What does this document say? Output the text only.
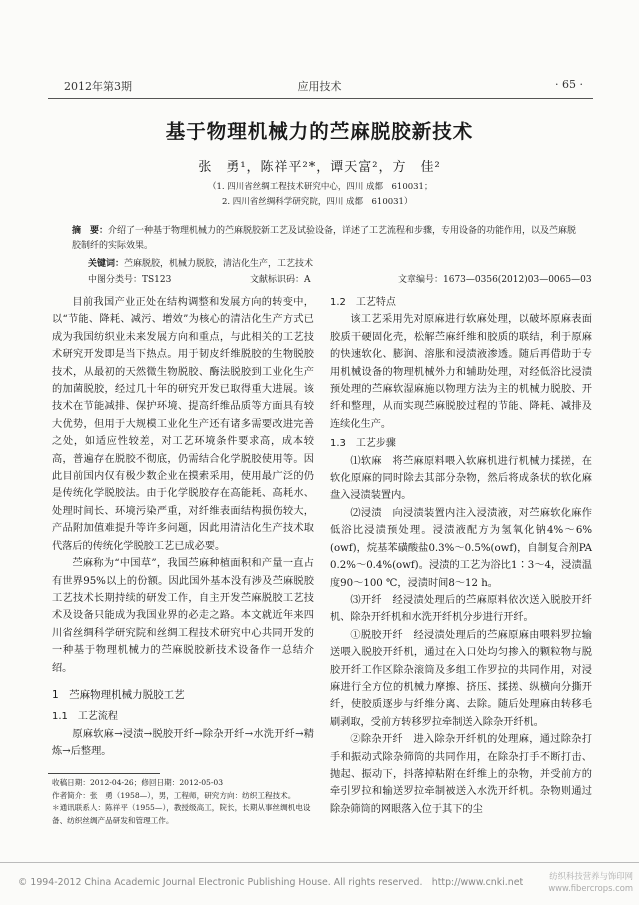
2012年第3期	应用技术	· 65 ·
基于物理机械力的苎麻脱胶新技术
张　勇¹，陈祥平²*，谭天富²，方　佳²
（1. 四川省丝绸工程技术研究中心，四川 成都　610031；
2. 四川省丝绸科学研究院，四川 成都　610031）
摘　要：介绍了一种基于物理机械力的苎麻脱胶新工艺及试验设备，详述了工艺流程和步骤，专用设备的功能作用，以及苎麻脱胶制纤的实际效果。
关键词：苎麻脱胶，机械力脱胶，清洁化生产，工艺技术
中图分类号：TS123	文献标识码：A	文章编号：1673—0356(2012)03—0065—03

目前我国产业正处在结构调整和发展方向的转变中，以“节能、降耗、减污、增效”为核心的清洁化生产方式已成为我国纺织业未来发展方向和重点，与此相关的工艺技术研究开发即是当下热点。用于韧皮纤维脱胶的生物脱胶技术，从最初的天然微生物脱胶、酶法脱胶到工业化生产的加菌脱胶，经过几十年的研究开发已取得重大进展。该技术在节能减排、保护环境、提高纤维品质等方面具有较大优势，但用于大规模工业化生产还有诸多需要改进完善之处，如适应性较差，对工艺环境条件要求高，成本较高，普遍存在脱胶不彻底，仍需结合化学脱胶使用等。因此目前国内仅有极少数企业在摸索采用，使用最广泛的仍是传统化学脱胶法。由于化学脱胶存在高能耗、高耗水、处理时间长、环境污染严重，对纤维表面结构损伤较大，产品附加值难提升等许多问题，因此用清洁化生产技术取代落后的传统化学脱胶工艺已成必要。

苎麻称为“中国草”，我国苎麻种植面积和产量一直占有世界95%以上的份额。因此国外基本没有涉及苎麻脱胶工艺技术长期持续的研发工作，自主开发苎麻脱胶工艺技术及设备只能成为我国业界的必走之路。本文就近年来四川省丝绸科学研究院和丝绸工程技术研究中心共同开发的一种基于物理机械力的苎麻脱胶新技术设备作一总结介绍。

1　苎麻物理机械力脱胶工艺

1.1　工艺流程

原麻软麻→浸渍→脱胶开纤→除杂开纤→水洗开纤→精炼→后整理。

收稿日期：2012-04-26；修回日期：2012-05-03
作者简介：张　勇（1958—），男，工程师，研究方向：纺织工程技术。
＊通讯联系人：陈祥平（1955—），教授级高工，院长，长期从事丝绸机电设备、纺织丝绸产品研发和管理工作。

1.2　工艺特点

该工艺采用先对原麻进行软麻处理，以破坏原麻表面胶质干硬固化壳，松解苎麻纤维和胶质的联结，利于原麻的快速软化、膨润、溶胀和浸渍液渗透。随后再借助于专用机械设备的物理机械外力和辅助处理，对经低浴比浸渍预处理的苎麻软湿麻施以物理方法为主的机械力脱胶、开纤和整理，从而实现苎麻脱胶过程的节能、降耗、减排及连续化生产。

1.3　工艺步骤

⑴软麻　将苎麻原料喂入软麻机进行机械力揉搓，在软化原麻的同时除去其部分杂物，然后将成条状的软化麻盘入浸渍装置内。

⑵浸渍　向浸渍装置内注入浸渍液，对苎麻软化麻作低浴比浸渍预处理。浸渍液配方为氢氧化钠4%～6%(owf)，烷基苯磺酸盐0.3%～0.5%(owf)，自制复合剂PA 0.2%～0.4%(owf)。浸渍的工艺为浴比1∶3～4，浸渍温度90～100 ℃，浸渍时间8～12 h。

⑶开纤　经浸渍处理后的苎麻原料依次送入脱胶开纤机、除杂开纤机和水洗开纤机分步进行开纤。

①脱胶开纤　经浸渍处理后的苎麻原麻由喂料罗拉输送喂入脱胶开纤机，通过在入口处均匀掺入的颗粒物与脱胶开纤工作区除杂滚筒及多组工作罗拉的共同作用，对浸麻进行全方位的机械力摩擦、挤压、揉搓、纵横向分撕开纤，使胶质逐步与纤维分离、去除。随后处理麻由转移毛刷剥取，受前方转移罗拉牵制送入除杂开纤机。

②除杂开纤　进入除杂开纤机的处理麻，通过除杂打手和振动式除杂筛筒的共同作用，在除杂打手不断打击、抛起、振动下，抖落掉粘附在纤维上的杂物，并受前方的牵引罗拉和输送罗拉牵制被送入水洗开纤机。杂物则通过除杂筛筒的网眼落入位于其下的尘

© 1994-2012 China Academic Journal Electronic Publishing House. All rights reserved.　http://www.cnki.net
纺织科技营养与饰印网
www.fibercrops.com
